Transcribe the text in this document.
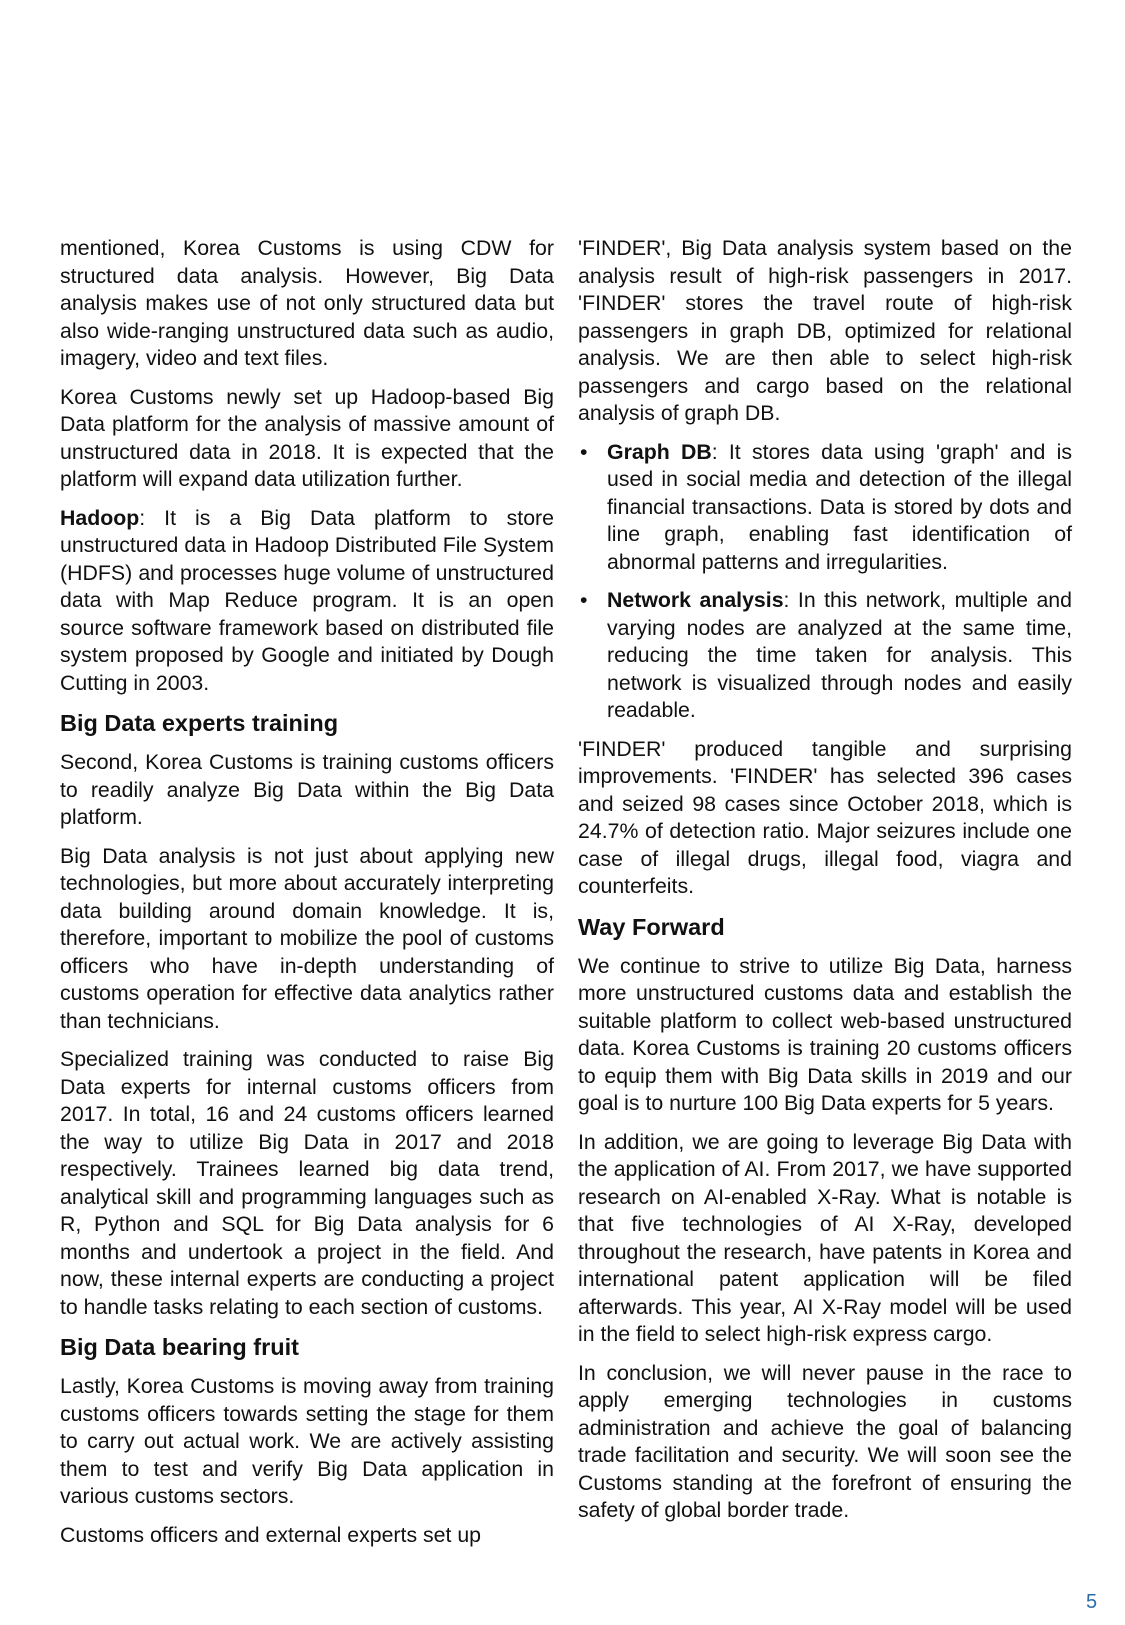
mentioned, Korea Customs is using CDW for structured data analysis. However, Big Data analysis makes use of not only structured data but also wide-ranging unstructured data such as audio, imagery, video and text files.

Korea Customs newly set up Hadoop-based Big Data platform for the analysis of massive amount of unstructured data in 2018. It is expected that the platform will expand data utilization further.

Hadoop: It is a Big Data platform to store unstructured data in Hadoop Distributed File System (HDFS) and processes huge volume of unstructured data with Map Reduce program. It is an open source software framework based on distributed file system proposed by Google and initiated by Dough Cutting in 2003.

Big Data experts training

Second, Korea Customs is training customs officers to readily analyze Big Data within the Big Data platform.

Big Data analysis is not just about applying new technologies, but more about accurately interpreting data building around domain knowledge. It is, therefore, important to mobilize the pool of customs officers who have in-depth understanding of customs operation for effective data analytics rather than technicians.

Specialized training was conducted to raise Big Data experts for internal customs officers from 2017. In total, 16 and 24 customs officers learned the way to utilize Big Data in 2017 and 2018 respectively. Trainees learned big data trend, analytical skill and programming languages such as R, Python and SQL for Big Data analysis for 6 months and undertook a project in the field. And now, these internal experts are conducting a project to handle tasks relating to each section of customs.

Big Data bearing fruit

Lastly, Korea Customs is moving away from training customs officers towards setting the stage for them to carry out actual work. We are actively assisting them to test and verify Big Data application in various customs sectors.

Customs officers and external experts set up

'FINDER', Big Data analysis system based on the analysis result of high-risk passengers in 2017. 'FINDER' stores the travel route of high-risk passengers in graph DB, optimized for relational analysis. We are then able to select high-risk passengers and cargo based on the relational analysis of graph DB.

• Graph DB: It stores data using 'graph' and is used in social media and detection of the illegal financial transactions. Data is stored by dots and line graph, enabling fast identification of abnormal patterns and irregularities.
• Network analysis: In this network, multiple and varying nodes are analyzed at the same time, reducing the time taken for analysis. This network is visualized through nodes and easily readable.

'FINDER' produced tangible and surprising improvements. 'FINDER' has selected 396 cases and seized 98 cases since October 2018, which is 24.7% of detection ratio. Major seizures include one case of illegal drugs, illegal food, viagra and counterfeits.

Way Forward

We continue to strive to utilize Big Data, harness more unstructured customs data and establish the suitable platform to collect web-based unstructured data. Korea Customs is training 20 customs officers to equip them with Big Data skills in 2019 and our goal is to nurture 100 Big Data experts for 5 years.

In addition, we are going to leverage Big Data with the application of AI. From 2017, we have supported research on AI-enabled X-Ray. What is notable is that five technologies of AI X-Ray, developed throughout the research, have patents in Korea and international patent application will be filed afterwards. This year, AI X-Ray model will be used in the field to select high-risk express cargo.

In conclusion, we will never pause in the race to apply emerging technologies in customs administration and achieve the goal of balancing trade facilitation and security. We will soon see the Customs standing at the forefront of ensuring the safety of global border trade.

5
